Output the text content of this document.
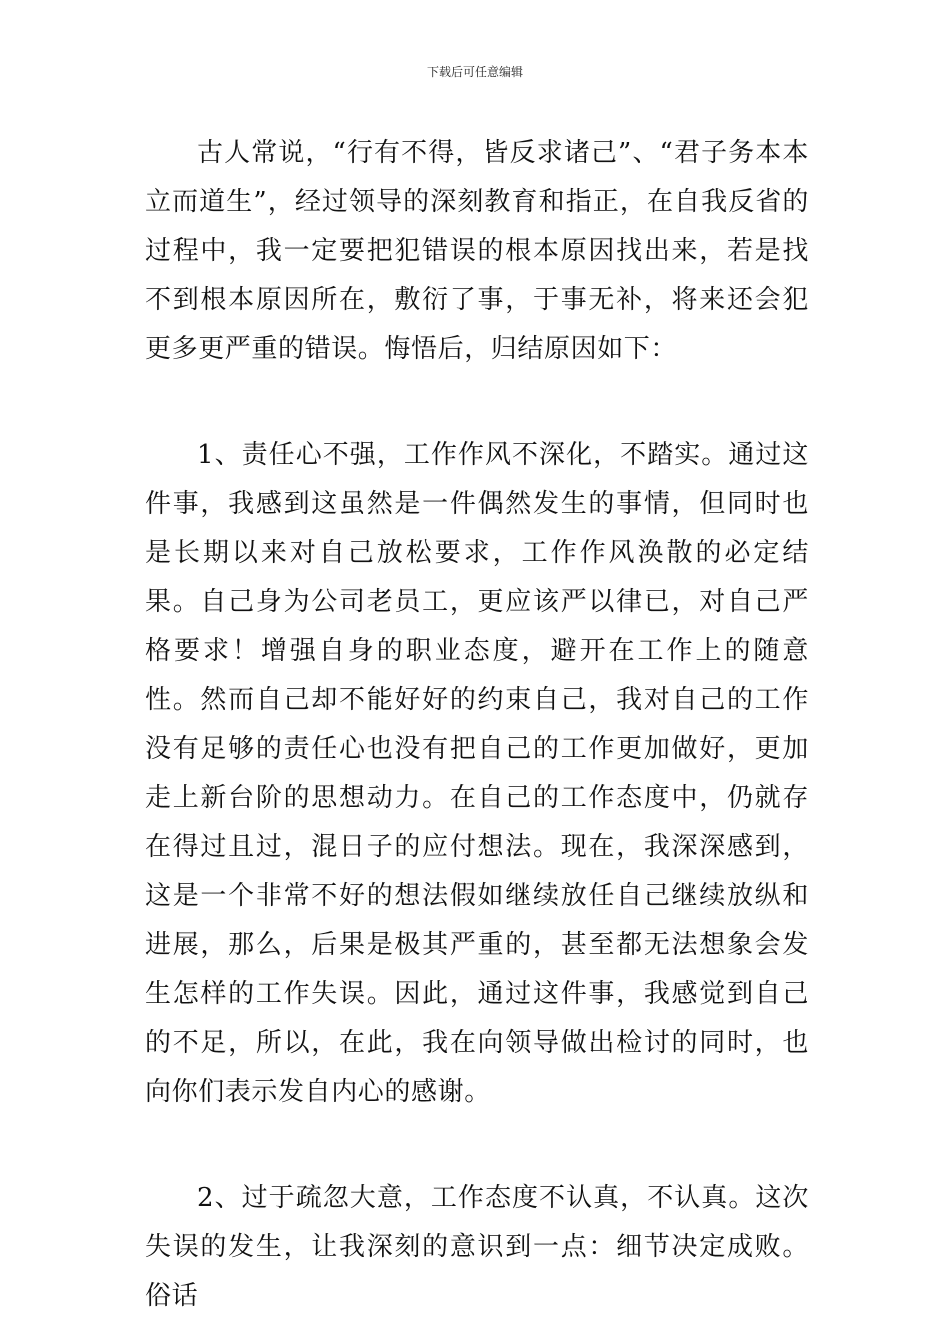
下载后可任意编辑

古人常说，“行有不得，皆反求诸己”、“君子务本本立而道生”，经过领导的深刻教育和指正，在自我反省的过程中，我一定要把犯错误的根本原因找出来，若是找不到根本原因所在，敷衍了事，于事无补，将来还会犯更多更严重的错误。悔悟后，归结原因如下：

1、责任心不强，工作作风不深化，不踏实。通过这件事，我感到这虽然是一件偶然发生的事情，但同时也是长期以来对自己放松要求，工作作风涣散的必定结果。自己身为公司老员工，更应该严以律已，对自己严格要求！增强自身的职业态度，避开在工作上的随意性。然而自己却不能好好的约束自己，我对自己的工作没有足够的责任心也没有把自己的工作更加做好，更加走上新台阶的思想动力。在自己的工作态度中，仍就存在得过且过，混日子的应付想法。现在，我深深感到，这是一个非常不好的想法假如继续放任自己继续放纵和进展，那么，后果是极其严重的，甚至都无法想象会发生怎样的工作失误。因此，通过这件事，我感觉到自己的不足，所以，在此，我在向领导做出检讨的同时，也向你们表示发自内心的感谢。

2、过于疏忽大意，工作态度不认真，不认真。这次失误的发生，让我深刻的意识到一点：细节决定成败。俗话
